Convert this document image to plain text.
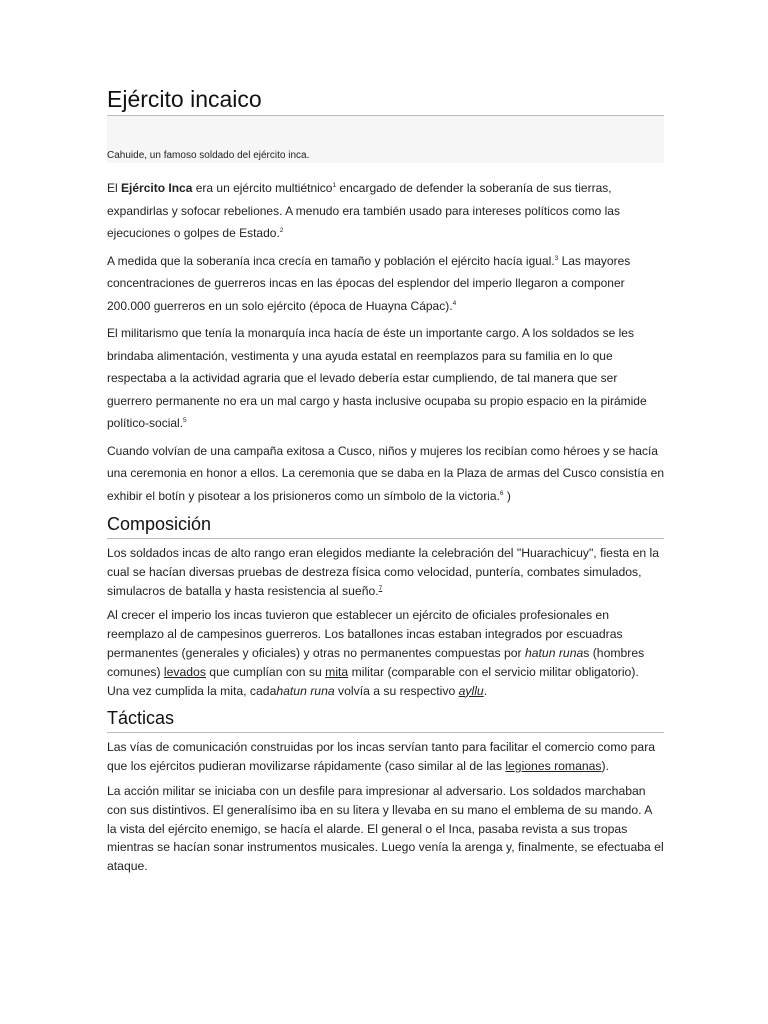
Ejército incaico
Cahuide, un famoso soldado del ejército inca.

El Ejército Inca era un ejército multiétnico$^1$ encargado de defender la soberanía de sus tierras, expandirlas y sofocar rebeliones. A menudo era también usado para intereses políticos como las ejecuciones o golpes de Estado.$^2$

A medida que la soberanía inca crecía en tamaño y población el ejército hacía igual.$^3$ Las mayores concentraciones de guerreros incas en las épocas del esplendor del imperio llegaron a componer 200.000 guerreros en un solo ejército (época de Huayna Cápac).$^4$

El militarismo que tenía la monarquía inca hacía de éste un importante cargo. A los soldados se les brindaba alimentación, vestimenta y una ayuda estatal en reemplazos para su familia en lo que respectaba a la actividad agraria que el levado debería estar cumpliendo, de tal manera que ser guerrero permanente no era un mal cargo y hasta inclusive ocupaba su propio espacio en la pirámide político-social.$^5$

Cuando volvían de una campaña exitosa a Cusco, niños y mujeres los recibían como héroes y se hacía una ceremonia en honor a ellos. La ceremonia que se daba en la Plaza de armas del Cusco consistía en exhibir el botín y pisotear a los prisioneros como un símbolo de la victoria.$^6$ )

Composición

Los soldados incas de alto rango eran elegidos mediante la celebración del "Huarachicuy", fiesta en la cual se hacían diversas pruebas de destreza física como velocidad, puntería, combates simulados, simulacros de batalla y hasta resistencia al sueño.$^7$

Al crecer el imperio los incas tuvieron que establecer un ejército de oficiales profesionales en reemplazo al de campesinos guerreros. Los batallones incas estaban integrados por escuadras permanentes (generales y oficiales) y otras no permanentes compuestas por hatun runas (hombres comunes) levados que cumplían con su mita militar (comparable con el servicio militar obligatorio). Una vez cumplida la mita, cadahatun runa volvía a su respectivo ayllu.

Tácticas

Las vías de comunicación construidas por los incas servían tanto para facilitar el comercio como para que los ejércitos pudieran movilizarse rápidamente (caso similar al de las legiones romanas).

La acción militar se iniciaba con un desfile para impresionar al adversario. Los soldados marchaban con sus distintivos. El generalísimo iba en su litera y llevaba en su mano el emblema de su mando. A la vista del ejército enemigo, se hacía el alarde. El general o el Inca, pasaba revista a sus tropas mientras se hacían sonar instrumentos musicales. Luego venía la arenga y, finalmente, se efectuaba el ataque.
